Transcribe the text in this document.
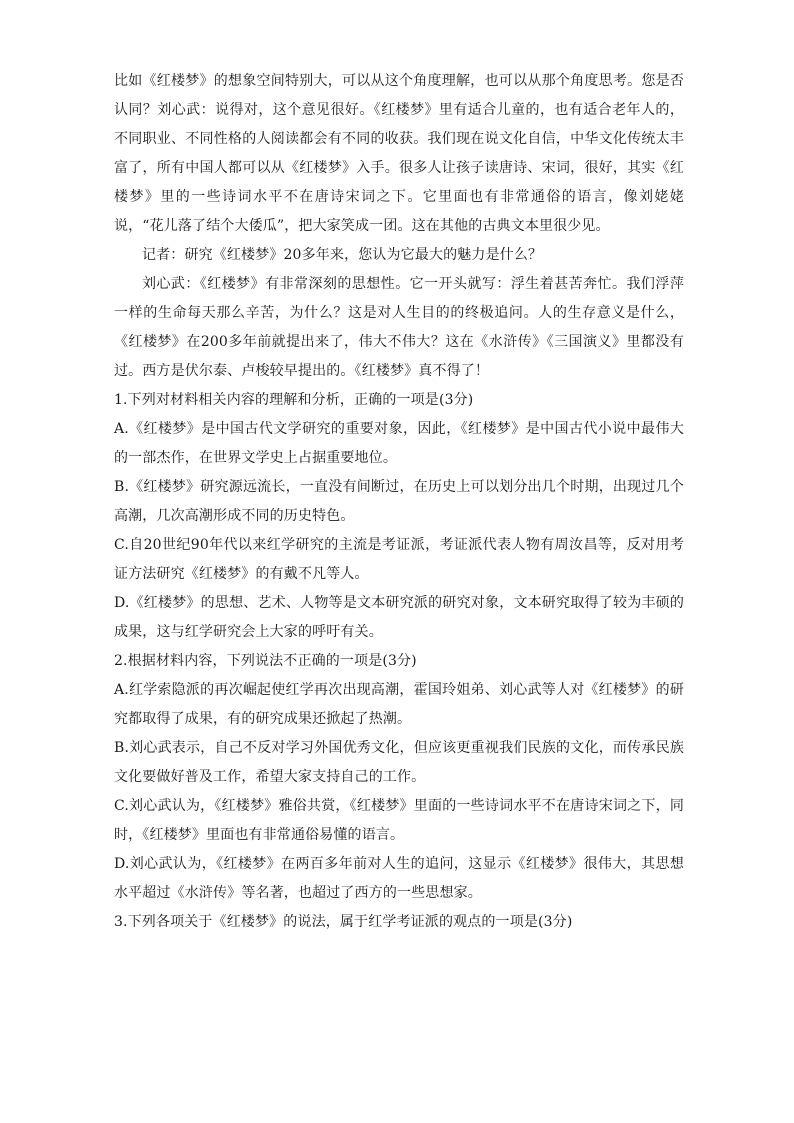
比如《红楼梦》的想象空间特别大，可以从这个角度理解，也可以从那个角度思考。您是否认同？刘心武：说得对，这个意见很好。《红楼梦》里有适合儿童的，也有适合老年人的，不同职业、不同性格的人阅读都会有不同的收获。我们现在说文化自信，中华文化传统太丰富了，所有中国人都可以从《红楼梦》入手。很多人让孩子读唐诗、宋词，很好，其实《红楼梦》里的一些诗词水平不在唐诗宋词之下。它里面也有非常通俗的语言，像刘姥姥说，“花儿落了结个大倭瓜”，把大家笑成一团。这在其他的古典文本里很少见。

记者：研究《红楼梦》20多年来，您认为它最大的魅力是什么？

刘心武：《红楼梦》有非常深刻的思想性。它一开头就写：浮生着甚苦奔忙。我们浮萍一样的生命每天那么辛苦，为什么？这是对人生目的的终极追问。人的生存意义是什么，《红楼梦》在200多年前就提出来了，伟大不伟大？这在《水浒传》《三国演义》里都没有过。西方是伏尔泰、卢梭较早提出的。《红楼梦》真不得了！

1.下列对材料相关内容的理解和分析，正确的一项是(3分)

A.《红楼梦》是中国古代文学研究的重要对象，因此，《红楼梦》是中国古代小说中最伟大的一部杰作，在世界文学史上占据重要地位。

B.《红楼梦》研究源远流长，一直没有间断过，在历史上可以划分出几个时期，出现过几个高潮，几次高潮形成不同的历史特色。

C.自20世纪90年代以来红学研究的主流是考证派，考证派代表人物有周汝昌等，反对用考证方法研究《红楼梦》的有戴不凡等人。

D.《红楼梦》的思想、艺术、人物等是文本研究派的研究对象，文本研究取得了较为丰硕的成果，这与红学研究会上大家的呼吁有关。

2.根据材料内容，下列说法不正确的一项是(3分)

A.红学索隐派的再次崛起使红学再次出现高潮，霍国玲姐弟、刘心武等人对《红楼梦》的研究都取得了成果，有的研究成果还掀起了热潮。

B.刘心武表示，自己不反对学习外国优秀文化，但应该更重视我们民族的文化，而传承民族文化要做好普及工作，希望大家支持自己的工作。

C.刘心武认为，《红楼梦》雅俗共赏，《红楼梦》里面的一些诗词水平不在唐诗宋词之下，同时，《红楼梦》里面也有非常通俗易懂的语言。

D.刘心武认为，《红楼梦》在两百多年前对人生的追问，这显示《红楼梦》很伟大，其思想水平超过《水浒传》等名著，也超过了西方的一些思想家。

3.下列各项关于《红楼梦》的说法，属于红学考证派的观点的一项是(3分)
